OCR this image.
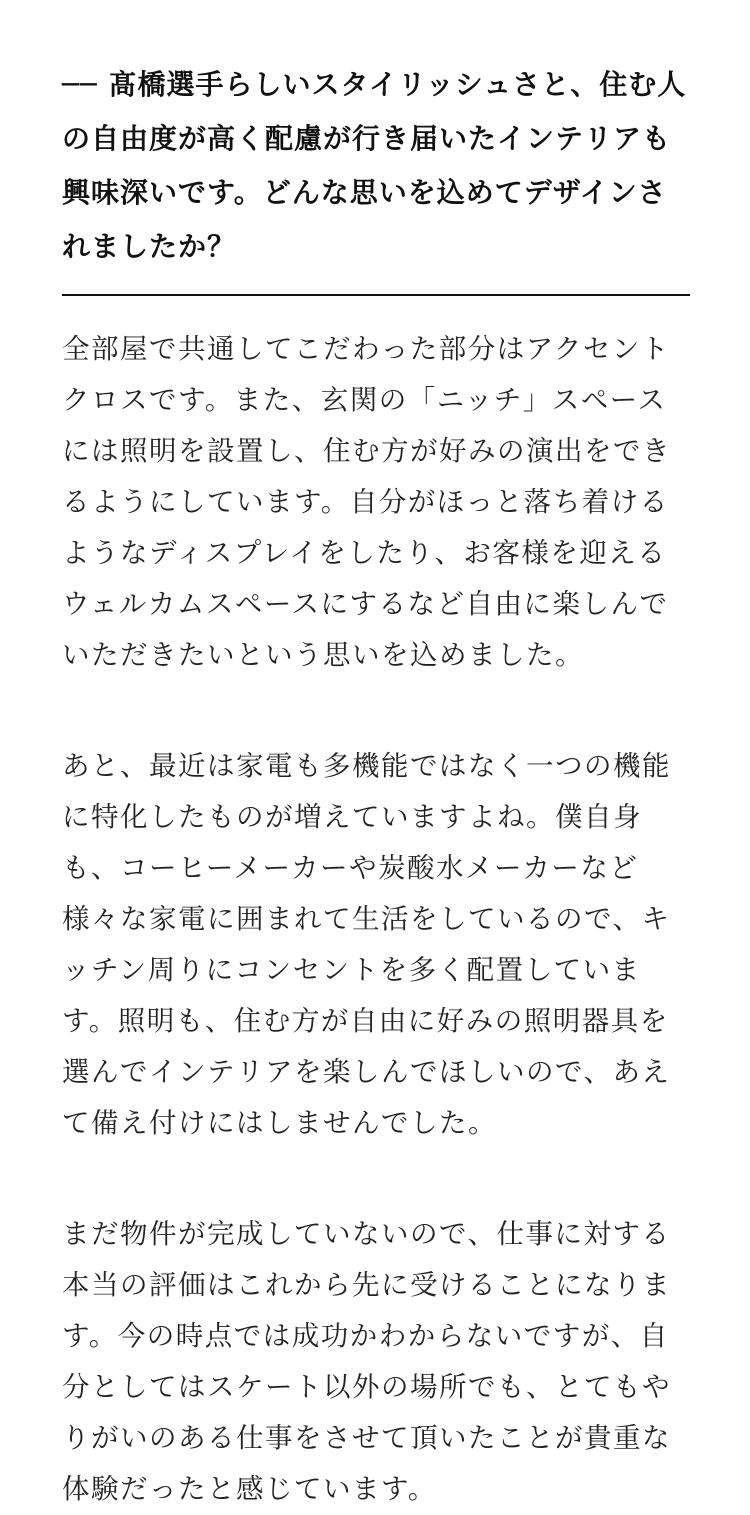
── 髙橋選手らしいスタイリッシュさと、住む人の自由度が高く配慮が行き届いたインテリアも興味深いです。どんな思いを込めてデザインされましたか？

全部屋で共通してこだわった部分はアクセントクロスです。また、玄関の「ニッチ」スペースには照明を設置し、住む方が好みの演出をできるようにしています。自分がほっと落ち着けるようなディスプレイをしたり、お客様を迎えるウェルカムスペースにするなど自由に楽しんでいただきたいという思いを込めました。

あと、最近は家電も多機能ではなく一つの機能に特化したものが増えていますよね。僕自身も、コーヒーメーカーや炭酸水メーカーなど様々な家電に囲まれて生活をしているので、キッチン周りにコンセントを多く配置しています。照明も、住む方が自由に好みの照明器具を選んでインテリアを楽しんでほしいので、あえて備え付けにはしませんでした。

まだ物件が完成していないので、仕事に対する本当の評価はこれから先に受けることになります。今の時点では成功かわからないですが、自分としてはスケート以外の場所でも、とてもやりがいのある仕事をさせて頂いたことが貴重な体験だったと感じています。
